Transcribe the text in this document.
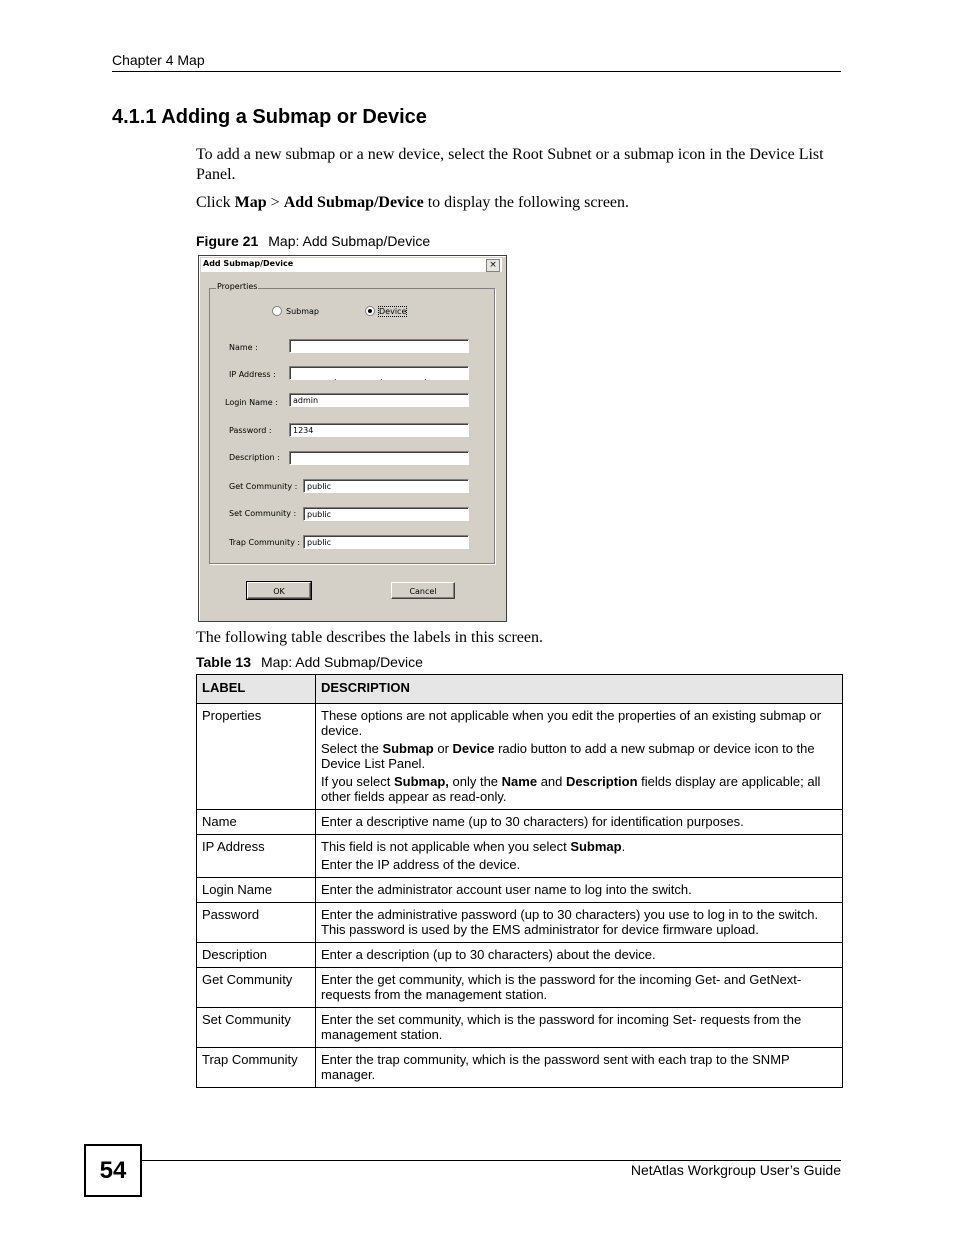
Chapter 4 Map
4.1.1 Adding a Submap or Device
To add a new submap or a new device, select the Root Subnet or a submap icon in the Device List Panel.
Click Map > Add Submap/Device to display the following screen.
Figure 21 Map: Add Submap/Device
Add Submap/Device	×
Properties
Submap	Device
Name :
IP Address :	.	.	.
Login Name :	admin
Password :	1234
Description :
Get Community :	public
Set Community :	public
Trap Community : public
OK	Cancel
The following table describes the labels in this screen.
Table 13 Map: Add Submap/Device
LABEL	DESCRIPTION
Properties	These options are not applicable when you edit the properties of an existing submap or device.

Select the Submap or Device radio button to add a new submap or device icon to the Device List Panel.

If you select Submap, only the Name and Description fields display are applicable; all other fields appear as read-only.

Name	Enter a descriptive name (up to 30 characters) for identification purposes.
IP Address	This field is not applicable when you select Submap.

Enter the IP address of the device.

Login Name	Enter the administrator account user name to log into the switch.
Password	Enter the administrative password (up to 30 characters) you use to log in to the switch. This password is used by the EMS administrator for device firmware upload.
Description	Enter a description (up to 30 characters) about the device.
Get Community	Enter the get community, which is the password for the incoming Get- and GetNext- requests from the management station.
Set Community	Enter the set community, which is the password for incoming Set- requests from the management station.
Trap Community	Enter the trap community, which is the password sent with each trap to the SNMP manager.
54	NetAtlas Workgroup User’s Guide
